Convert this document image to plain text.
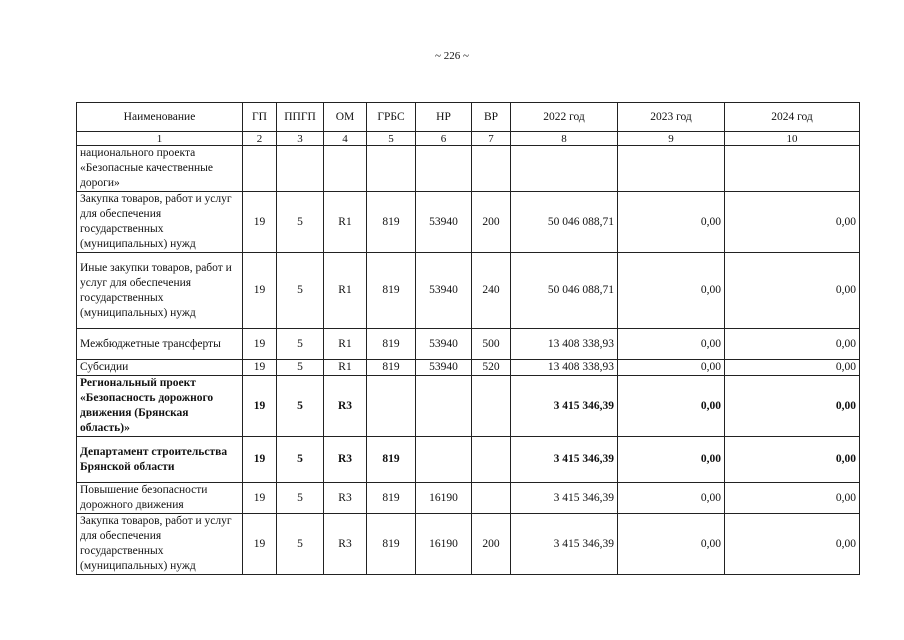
~ 226 ~
Наименование	ГП	ППГП	ОМ	ГРБС	НР	ВР	2022 год	2023 год	2024 год
1	2	3	4	5	6	7	8	9	10
национального проекта «Безопасные качественные дороги»									
Закупка товаров, работ и услуг для обеспечения государственных (муниципальных) нужд	19	5	R1	819	53940	200	50 046 088,71	0,00	0,00
Иные закупки товаров, работ и услуг для обеспечения государственных (муниципальных) нужд	19	5	R1	819	53940	240	50 046 088,71	0,00	0,00
Межбюджетные трансферты	19	5	R1	819	53940	500	13 408 338,93	0,00	0,00
Субсидии	19	5	R1	819	53940	520	13 408 338,93	0,00	0,00
Региональный проект «Безопасность дорожного движения (Брянская область)»	19	5	R3				3 415 346,39	0,00	0,00
Департамент строительства Брянской области	19	5	R3	819			3 415 346,39	0,00	0,00
Повышение безопасности дорожного движения	19	5	R3	819	16190		3 415 346,39	0,00	0,00
Закупка товаров, работ и услуг для обеспечения государственных (муниципальных) нужд	19	5	R3	819	16190	200	3 415 346,39	0,00	0,00
